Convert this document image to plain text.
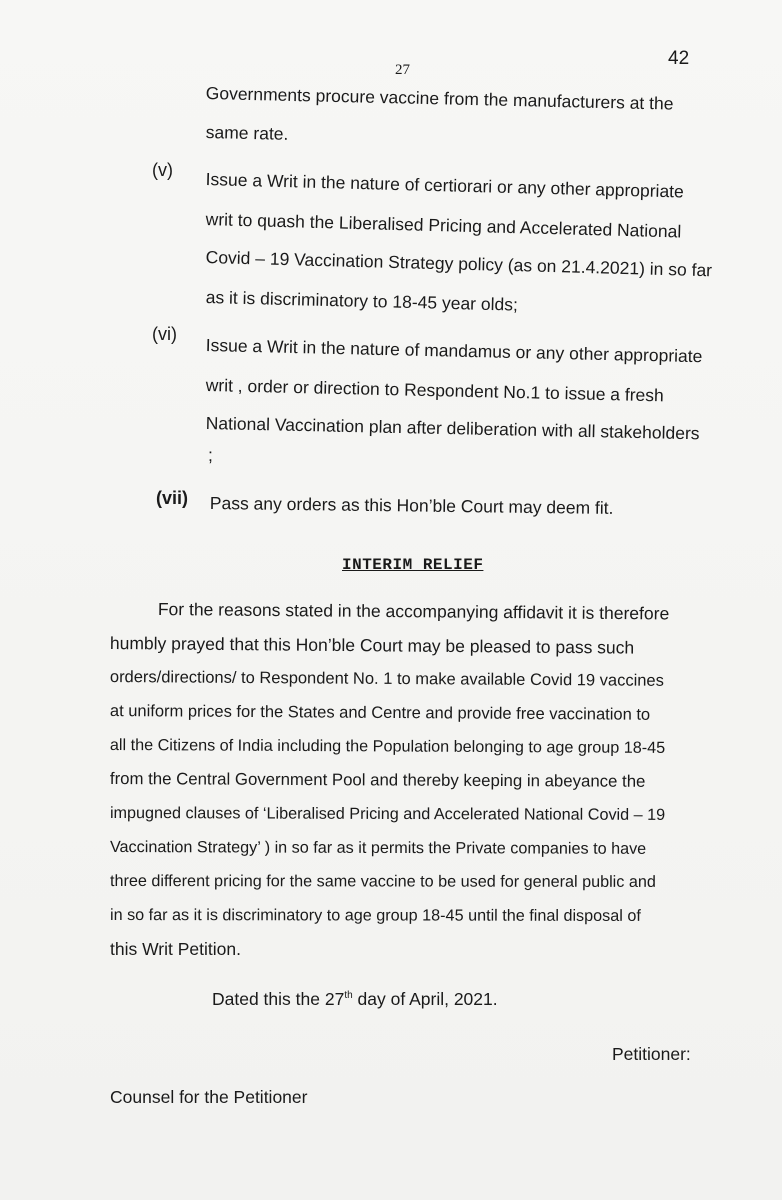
27
42
Governments procure vaccine from the manufacturers at the
same rate.
(v) Issue a Writ in the nature of certiorari or any other appropriate
writ to quash the Liberalised Pricing and Accelerated National
Covid – 19 Vaccination Strategy policy (as on 21.4.2021) in so far
as it is discriminatory to 18-45 year olds;
(vi)
Issue a Writ in the nature of mandamus or any other appropriate
writ , order or direction to Respondent No.1 to issue a fresh
National Vaccination plan after deliberation with all stakeholders
;
(vii) Pass any orders as this Hon’ble Court may deem fit.
INTERIM RELIEF
For the reasons stated in the accompanying affidavit it is therefore
humbly prayed that this Hon’ble Court may be pleased to pass such
orders/directions/ to Respondent No. 1 to make available Covid 19 vaccines
at uniform prices for the States and Centre and provide free vaccination to
all the Citizens of India including the Population belonging to age group 18-45
from the Central Government Pool and thereby keeping in abeyance the
impugned clauses of ‘Liberalised Pricing and Accelerated National Covid – 19
Vaccination Strategy’ ) in so far as it permits the Private companies to have
three different pricing for the same vaccine to be used for general public and
in so far as it is discriminatory to age group 18-45 until the final disposal of
this Writ Petition.
Dated this the 27th day of April, 2021.
Petitioner:
Counsel for the Petitioner
